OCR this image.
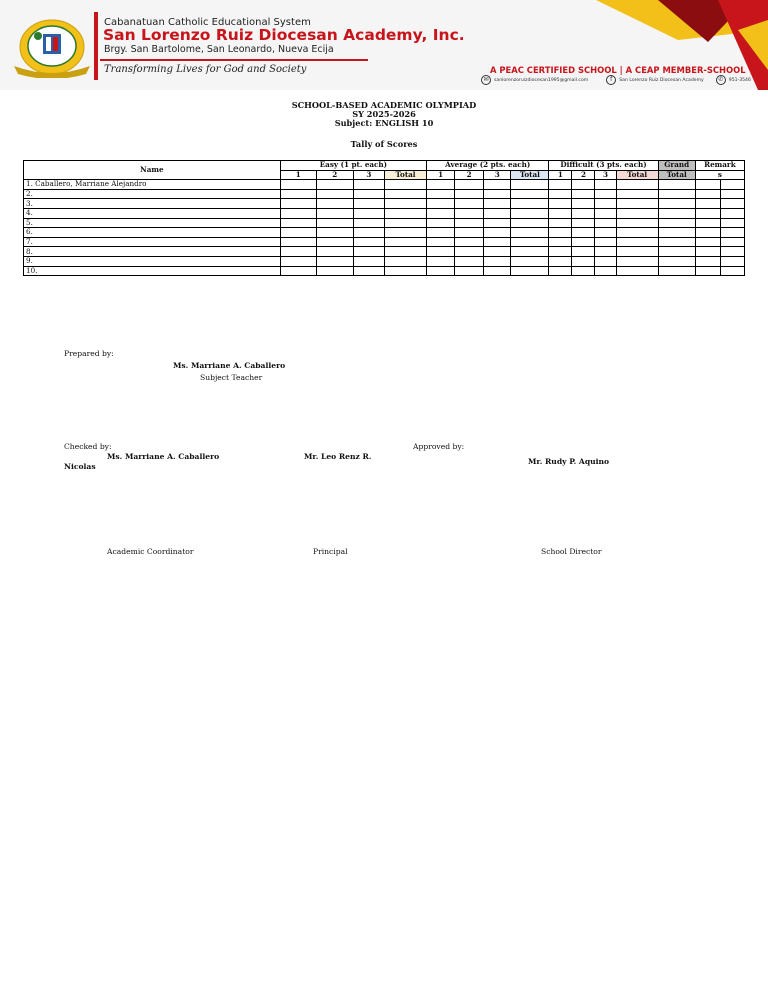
Cabanatuan Catholic Educational System
San Lorenzo Ruiz Diocesan Academy, Inc.
Brgy. San Bartolome, San Leonardo, Nueva Ecija
Transforming Lives for God and Society	A PEAC CERTIFIED SCHOOL | A CEAP MEMBER-SCHOOL
✉	sanlorenzoruizdiocesan1995@gmail.com	f	San Lorenzo Ruiz Diocesan Academy	✆	951-3546
SCHOOL-BASED ACADEMIC OLYMPIAD
SY 2025-2026
Subject: ENGLISH 10
Tally of Scores
Name	Easy (1 pt. each)				Average (2 pts. each)				Difficult (3 pts. each)				Grand	Remark	
	1	2	3	Total	1	2	3	Total	1	2	3	Total	Total	s	
1. Caballero, Marriane Alejandro															
2.															
3.															
4.															
5.															
6.															
7.															
8.															
9.															
10.															
Prepared by:
Ms. Marriane A. Caballero
Subject Teacher
Checked by:
Ms. Marriane A. Caballero
Nicolas
Mr. Leo Renz R.
Approved by:
Mr. Rudy P. Aquino
Academic Coordinator	Principal	School Director
